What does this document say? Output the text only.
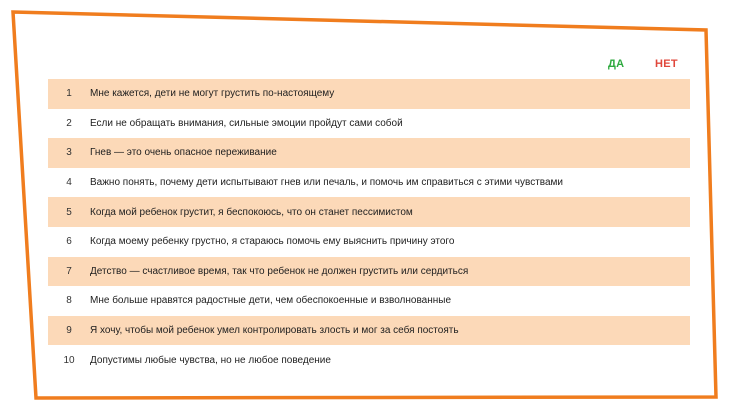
ДА	НЕТ
1	Мне кажется, дети не могут грустить по-настоящему
2	Если не обращать внимания, сильные эмоции пройдут сами собой
3	Гнев — это очень опасное переживание
4	Важно понять, почему дети испытывают гнев или печаль, и помочь им справиться с этими чувствами
5	Когда мой ребенок грустит, я беспокоюсь, что он станет пессимистом
6	Когда моему ребенку грустно, я стараюсь помочь ему выяснить причину этого
7	Детство — счастливое время, так что ребенок не должен грустить или сердиться
8	Мне больше нравятся радостные дети, чем обеспокоенные и взволнованные
9	Я хочу, чтобы мой ребенок умел контролировать злость и мог за себя постоять
10	Допустимы любые чувства, но не любое поведение
